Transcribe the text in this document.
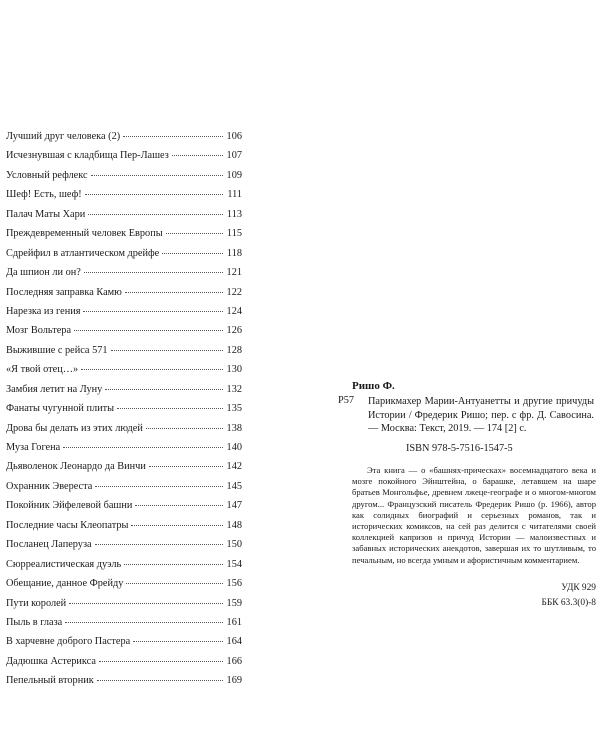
Лучший друг человека (2)	106
Исчезнувшая с кладбища Пер-Лашез	107
Условный рефлекс	109
Шеф! Есть, шеф!	111
Палач Маты Хари	113
Преждевременный человек Европы	115
Сдрейфил в атлантическом дрейфе	118
Да шпион ли он?	121
Последняя заправка Камю	122
Нарезка из гения	124
Мозг Вольтера	126
Выжившие с рейса 571	128
«Я твой отец…»	130
Замбия летит на Луну	132
Фанаты чугунной плиты	135
Дрова бы делать из этих людей	138
Муза Гогена	140
Дьяволенок Леонардо да Винчи	142
Охранник Эвереста	145
Покойник Эйфелевой башни	147
Последние часы Клеопатры	148
Посланец Лаперуза	150
Сюрреалистическая дуэль	154
Обещание, данное Фрейду	156
Пути королей	159
Пыль в глаза	161
В харчевне доброго Пастера	164
Дадюшка Астерикса	166
Пепельный вторник	169
Ришо Ф.
Р57 Парикмахер Марии-Антуанетты и другие причуды Истории / Фредерик Ришо; пер. с фр. Д. Савосина. — Москва: Текст, 2019. — 174 [2] с.
ISBN 978-5-7516-1547-5
Эта книга — о «башнях-прическах» восемнадцатого века и мозге покойного Эйнштейна, о барашке, летавшем на шаре братьев Монгольфье, древнем лжеце-географе и о многом-многом другом... Французский писатель Фредерик Ришо (р. 1966), автор как солидных биографий и серьезных романов, так и исторических комиксов, на сей раз делится с читателями своей коллекцией капризов и причуд Истории — малоизвестных и забавных исторических анекдотов, завершая их то шутливым, то печальным, но всегда умным и афористичным комментарием.
УДК 929
ББК 63.3(0)-8
